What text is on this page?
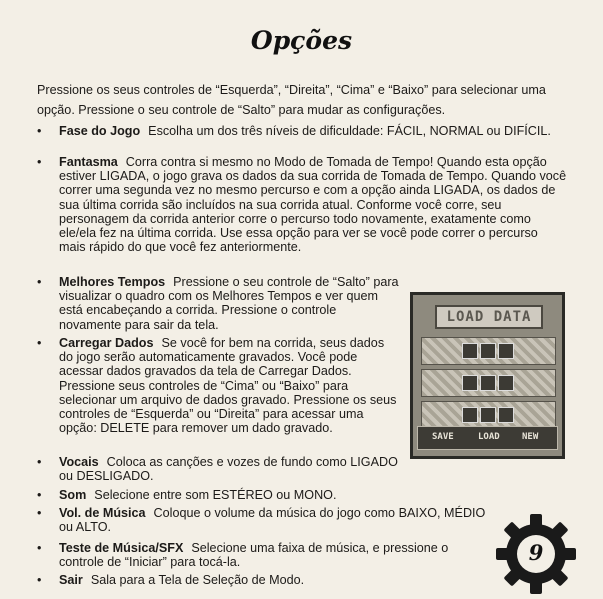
Opções

Pressione os seus controles de “Esquerda”, “Direita”, “Cima” e “Baixo” para selecionar uma opção. Pressione o seu controle de “Salto” para mudar as configurações.

•	Fase do Jogo Escolha um dos três níveis de dificuldade: FÁCIL, NORMAL ou DIFÍCIL.
•	Fantasma Corra contra si mesmo no Modo de Tomada de Tempo! Quando esta opção estiver LIGADA, o jogo grava os dados da sua corrida de Tomada de Tempo. Quando você correr uma segunda vez no mesmo percurso e com a opção ainda LIGADA, os dados de sua última corrida são incluídos na sua corrida atual. Conforme você corre, seu personagem da corrida anterior corre o percurso todo novamente, exatamente como ele/ela fez na última corrida. Use essa opção para ver se você pode correr o percurso mais rápido do que você fez anteriormente.
•	Melhores Tempos Pressione o seu controle de “Salto” para visualizar o quadro com os Melhores Tempos e ver quem está encabeçando a corrida. Pressione o controle novamente para sair da tela.
•	Carregar Dados Se você for bem na corrida, seus dados do jogo serão automaticamente gravados. Você pode acessar dados gravados da tela de Carregar Dados. Pressione seus controles de “Cima” ou “Baixo” para selecionar um arquivo de dados gravado. Pressione os seus controles de “Esquerda” ou “Direita” para acessar uma opção: DELETE para remover um dado gravado.
•	Vocais Coloca as canções e vozes de fundo como LIGADO ou DESLIGADO.
•	Som Selecione entre som ESTÉREO ou MONO.
•	Vol. de Música Coloque o volume da música do jogo como BAIXO, MÉDIO ou ALTO.
•	Teste de Música/SFX Selecione uma faixa de música, e pressione o controle de “Iniciar” para tocá-la.
•	Sair Sala para a Tela de Seleção de Modo.
LOAD DATA
SAVE	LOAD NEW
9
